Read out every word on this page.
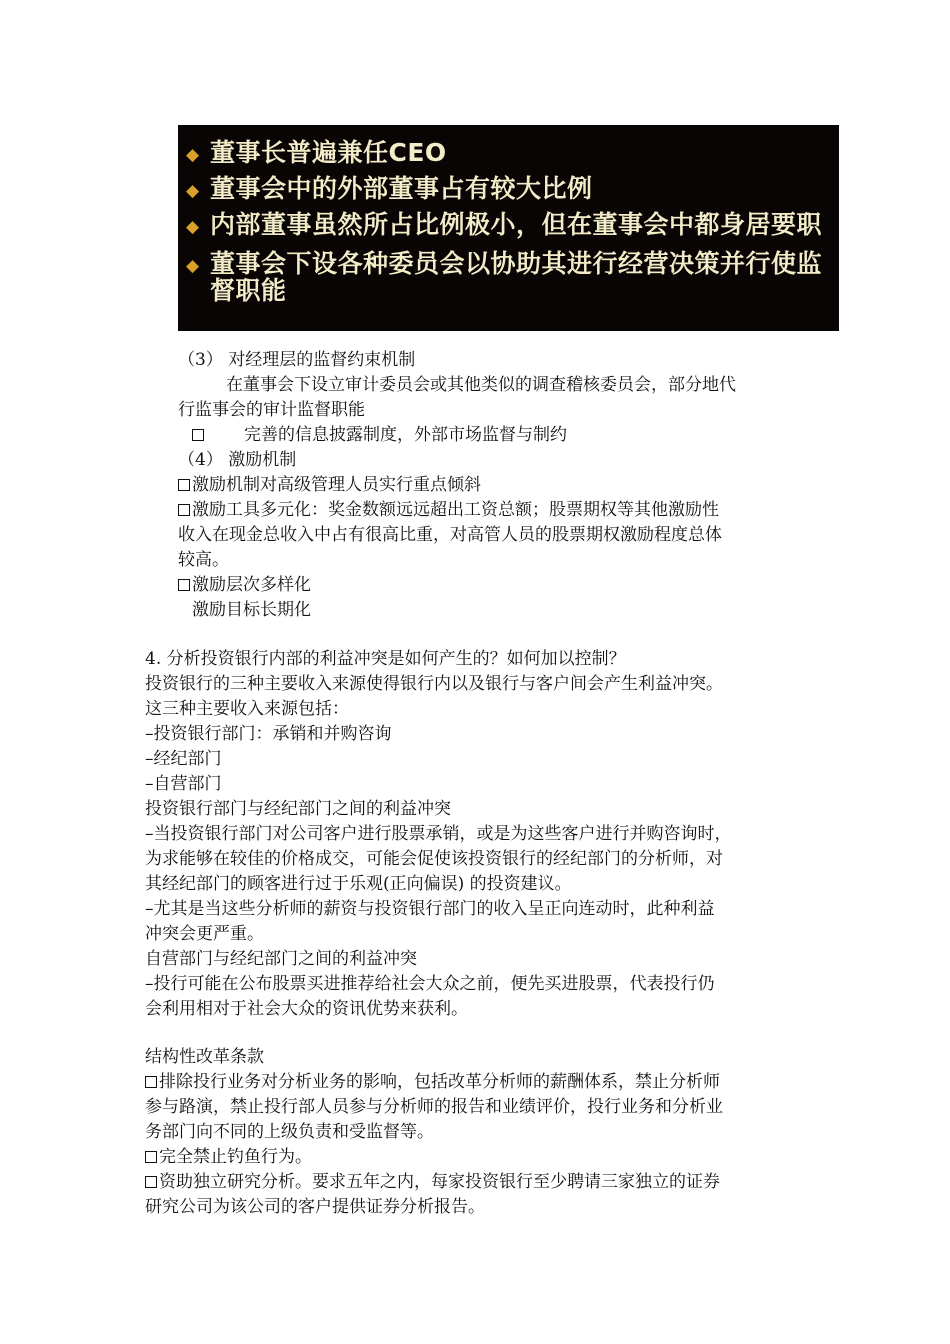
◆ 董事长普遍兼任CEO
◆ 董事会中的外部董事占有较大比例
◆ 内部董事虽然所占比例极小，但在董事会中都身居要职
◆ 董事会下设各种委员会以协助其进行经营决策并行使监督职能
（3） 对经理层的监督约束机制
在董事会下设立审计委员会或其他类似的调查稽核委员会，部分地代
行监事会的审计监督职能
完善的信息披露制度，外部市场监督与制约
（4） 激励机制
激励机制对高级管理人员实行重点倾斜
激励工具多元化：奖金数额远远超出工资总额；股票期权等其他激励性
收入在现金总收入中占有很高比重，对高管人员的股票期权激励程度总体
较高。
激励层次多样化
激励目标长期化
4. 分析投资银行内部的利益冲突是如何产生的？如何加以控制？
投资银行的三种主要收入来源使得银行内以及银行与客户间会产生利益冲突。
这三种主要收入来源包括：
–投资银行部门：承销和并购咨询
–经纪部门
–自营部门
投资银行部门与经纪部门之间的利益冲突
–当投资银行部门对公司客户进行股票承销，或是为这些客户进行并购咨询时，
为求能够在较佳的价格成交，可能会促使该投资银行的经纪部门的分析师，对
其经纪部门的顾客进行过于乐观(正向偏误) 的投资建议。
–尤其是当这些分析师的薪资与投资银行部门的收入呈正向连动时，此种利益
冲突会更严重。
自营部门与经纪部门之间的利益冲突
–投行可能在公布股票买进推荐给社会大众之前，便先买进股票，代表投行仍
会利用相对于社会大众的资讯优势来获利。
结构性改革条款
排除投行业务对分析业务的影响，包括改革分析师的薪酬体系，禁止分析师
参与路演，禁止投行部人员参与分析师的报告和业绩评价，投行业务和分析业
务部门向不同的上级负责和受监督等。
完全禁止钓鱼行为。
资助独立研究分析。要求五年之内，每家投资银行至少聘请三家独立的证券
研究公司为该公司的客户提供证券分析报告。
